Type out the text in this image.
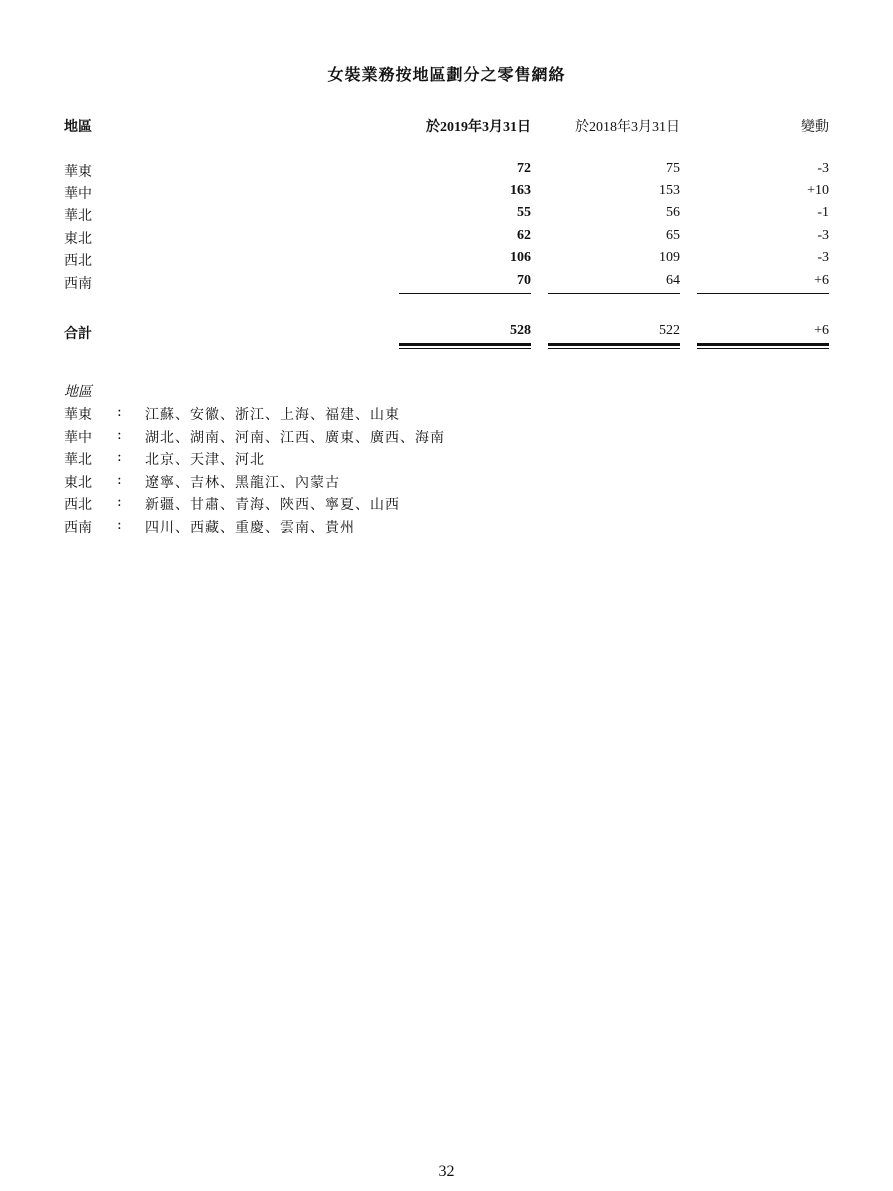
女裝業務按地區劃分之零售網絡
地區	於2019年3月31日	於2018年3月31日	變動
華東	72	75	-3
華中	163	153	+10
華北	55	56	-1
東北	62	65	-3
西北	106	109	-3
西南	70	64	+6
合計	528	522	+6
地區
華東 : 江蘇、安徽、浙江、上海、福建、山東
華中 : 湖北、湖南、河南、江西、廣東、廣西、海南
華北 : 北京、天津、河北
東北 : 遼寧、吉林、黑龍江、內蒙古
西北 : 新疆、甘肅、青海、陝西、寧夏、山西
西南 : 四川、西藏、重慶、雲南、貴州
32
